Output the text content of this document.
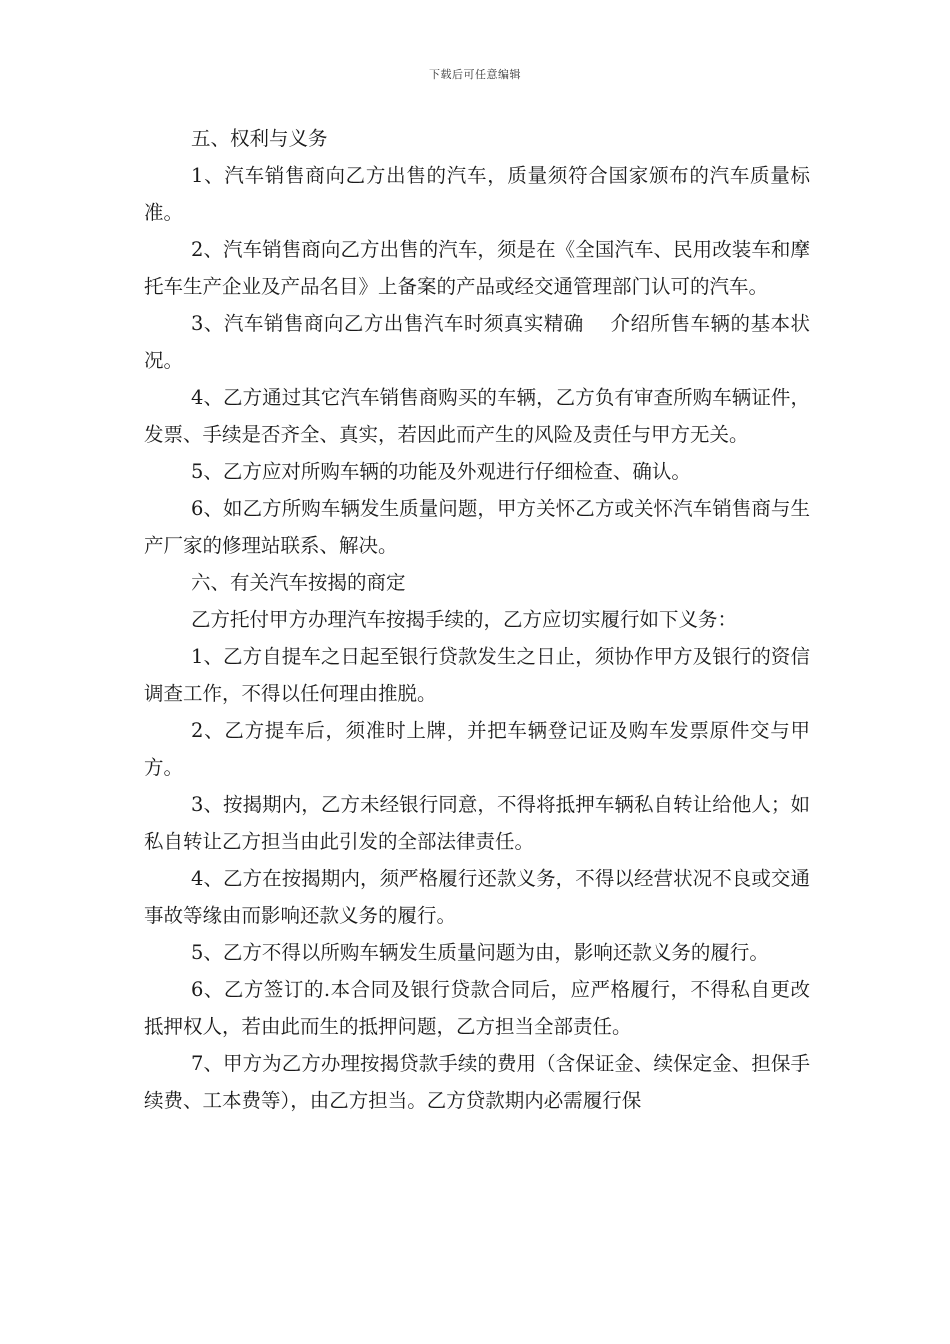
下载后可任意编辑

五、权利与义务

1、汽车销售商向乙方出售的汽车，质量须符合国家颁布的汽车质量标准。

2、汽车销售商向乙方出售的汽车，须是在《全国汽车、民用改装车和摩托车生产企业及产品名目》上备案的产品或经交通管理部门认可的汽车。

3、汽车销售商向乙方出售汽车时须真实精确    介绍所售车辆的基本状况。

4、乙方通过其它汽车销售商购买的车辆，乙方负有审查所购车辆证件，发票、手续是否齐全、真实，若因此而产生的风险及责任与甲方无关。

5、乙方应对所购车辆的功能及外观进行仔细检查、确认。

6、如乙方所购车辆发生质量问题，甲方关怀乙方或关怀汽车销售商与生产厂家的修理站联系、解决。

六、有关汽车按揭的商定

乙方托付甲方办理汽车按揭手续的，乙方应切实履行如下义务：

1、乙方自提车之日起至银行贷款发生之日止，须协作甲方及银行的资信调查工作，不得以任何理由推脱。

2、乙方提车后，须准时上牌，并把车辆登记证及购车发票原件交与甲方。

3、按揭期内，乙方未经银行同意，不得将抵押车辆私自转让给他人；如私自转让乙方担当由此引发的全部法律责任。

4、乙方在按揭期内，须严格履行还款义务，不得以经营状况不良或交通事故等缘由而影响还款义务的履行。

5、乙方不得以所购车辆发生质量问题为由，影响还款义务的履行。

6、乙方签订的.本合同及银行贷款合同后，应严格履行，不得私自更改抵押权人，若由此而生的抵押问题，乙方担当全部责任。

7、甲方为乙方办理按揭贷款手续的费用（含保证金、续保定金、担保手续费、工本费等），由乙方担当。乙方贷款期内必需履行保
